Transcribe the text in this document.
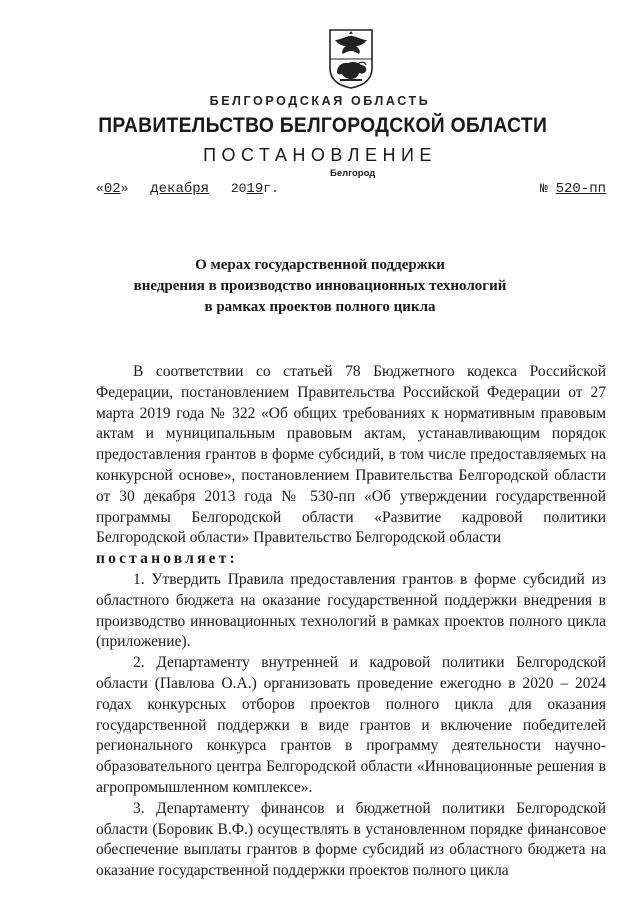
БЕЛГОРОДСКАЯ ОБЛАСТЬ
ПРАВИТЕЛЬСТВО БЕЛГОРОДСКОЙ ОБЛАСТИ
ПОСТАНОВЛЕНИЕ
Белгород
«02» декабря 2019г.	№ 520-пп
О мерах государственной поддержки
внедрения в производство инновационных технологий
в рамках проектов полного цикла

В соответствии со статьей 78 Бюджетного кодекса Российской Федерации, постановлением Правительства Российской Федерации от 27 марта 2019 года № 322 «Об общих требованиях к нормативным правовым актам и муниципальным правовым актам, устанавливающим порядок предоставления грантов в форме субсидий, в том числе предоставляемых на конкурсной основе», постановлением Правительства Белгородской области от 30 декабря 2013 года № 530-пп «Об утверждении государственной программы Белгородской области «Развитие кадровой политики Белгородской области» Правительство Белгородской области

постановляет:

1. Утвердить Правила предоставления грантов в форме субсидий из областного бюджета на оказание государственной поддержки внедрения в производство инновационных технологий в рамках проектов полного цикла (приложение).

2. Департаменту внутренней и кадровой политики Белгородской области (Павлова О.А.) организовать проведение ежегодно в 2020 – 2024 годах конкурсных отборов проектов полного цикла для оказания государственной поддержки в виде грантов и включение победителей регионального конкурса грантов в программу деятельности научно-образовательного центра Белгородской области «Инновационные решения в агропромышленном комплексе».

3. Департаменту финансов и бюджетной политики Белгородской области (Боровик В.Ф.) осуществлять в установленном порядке финансовое обеспечение выплаты грантов в форме субсидий из областного бюджета на оказание государственной поддержки проектов полного цикла
